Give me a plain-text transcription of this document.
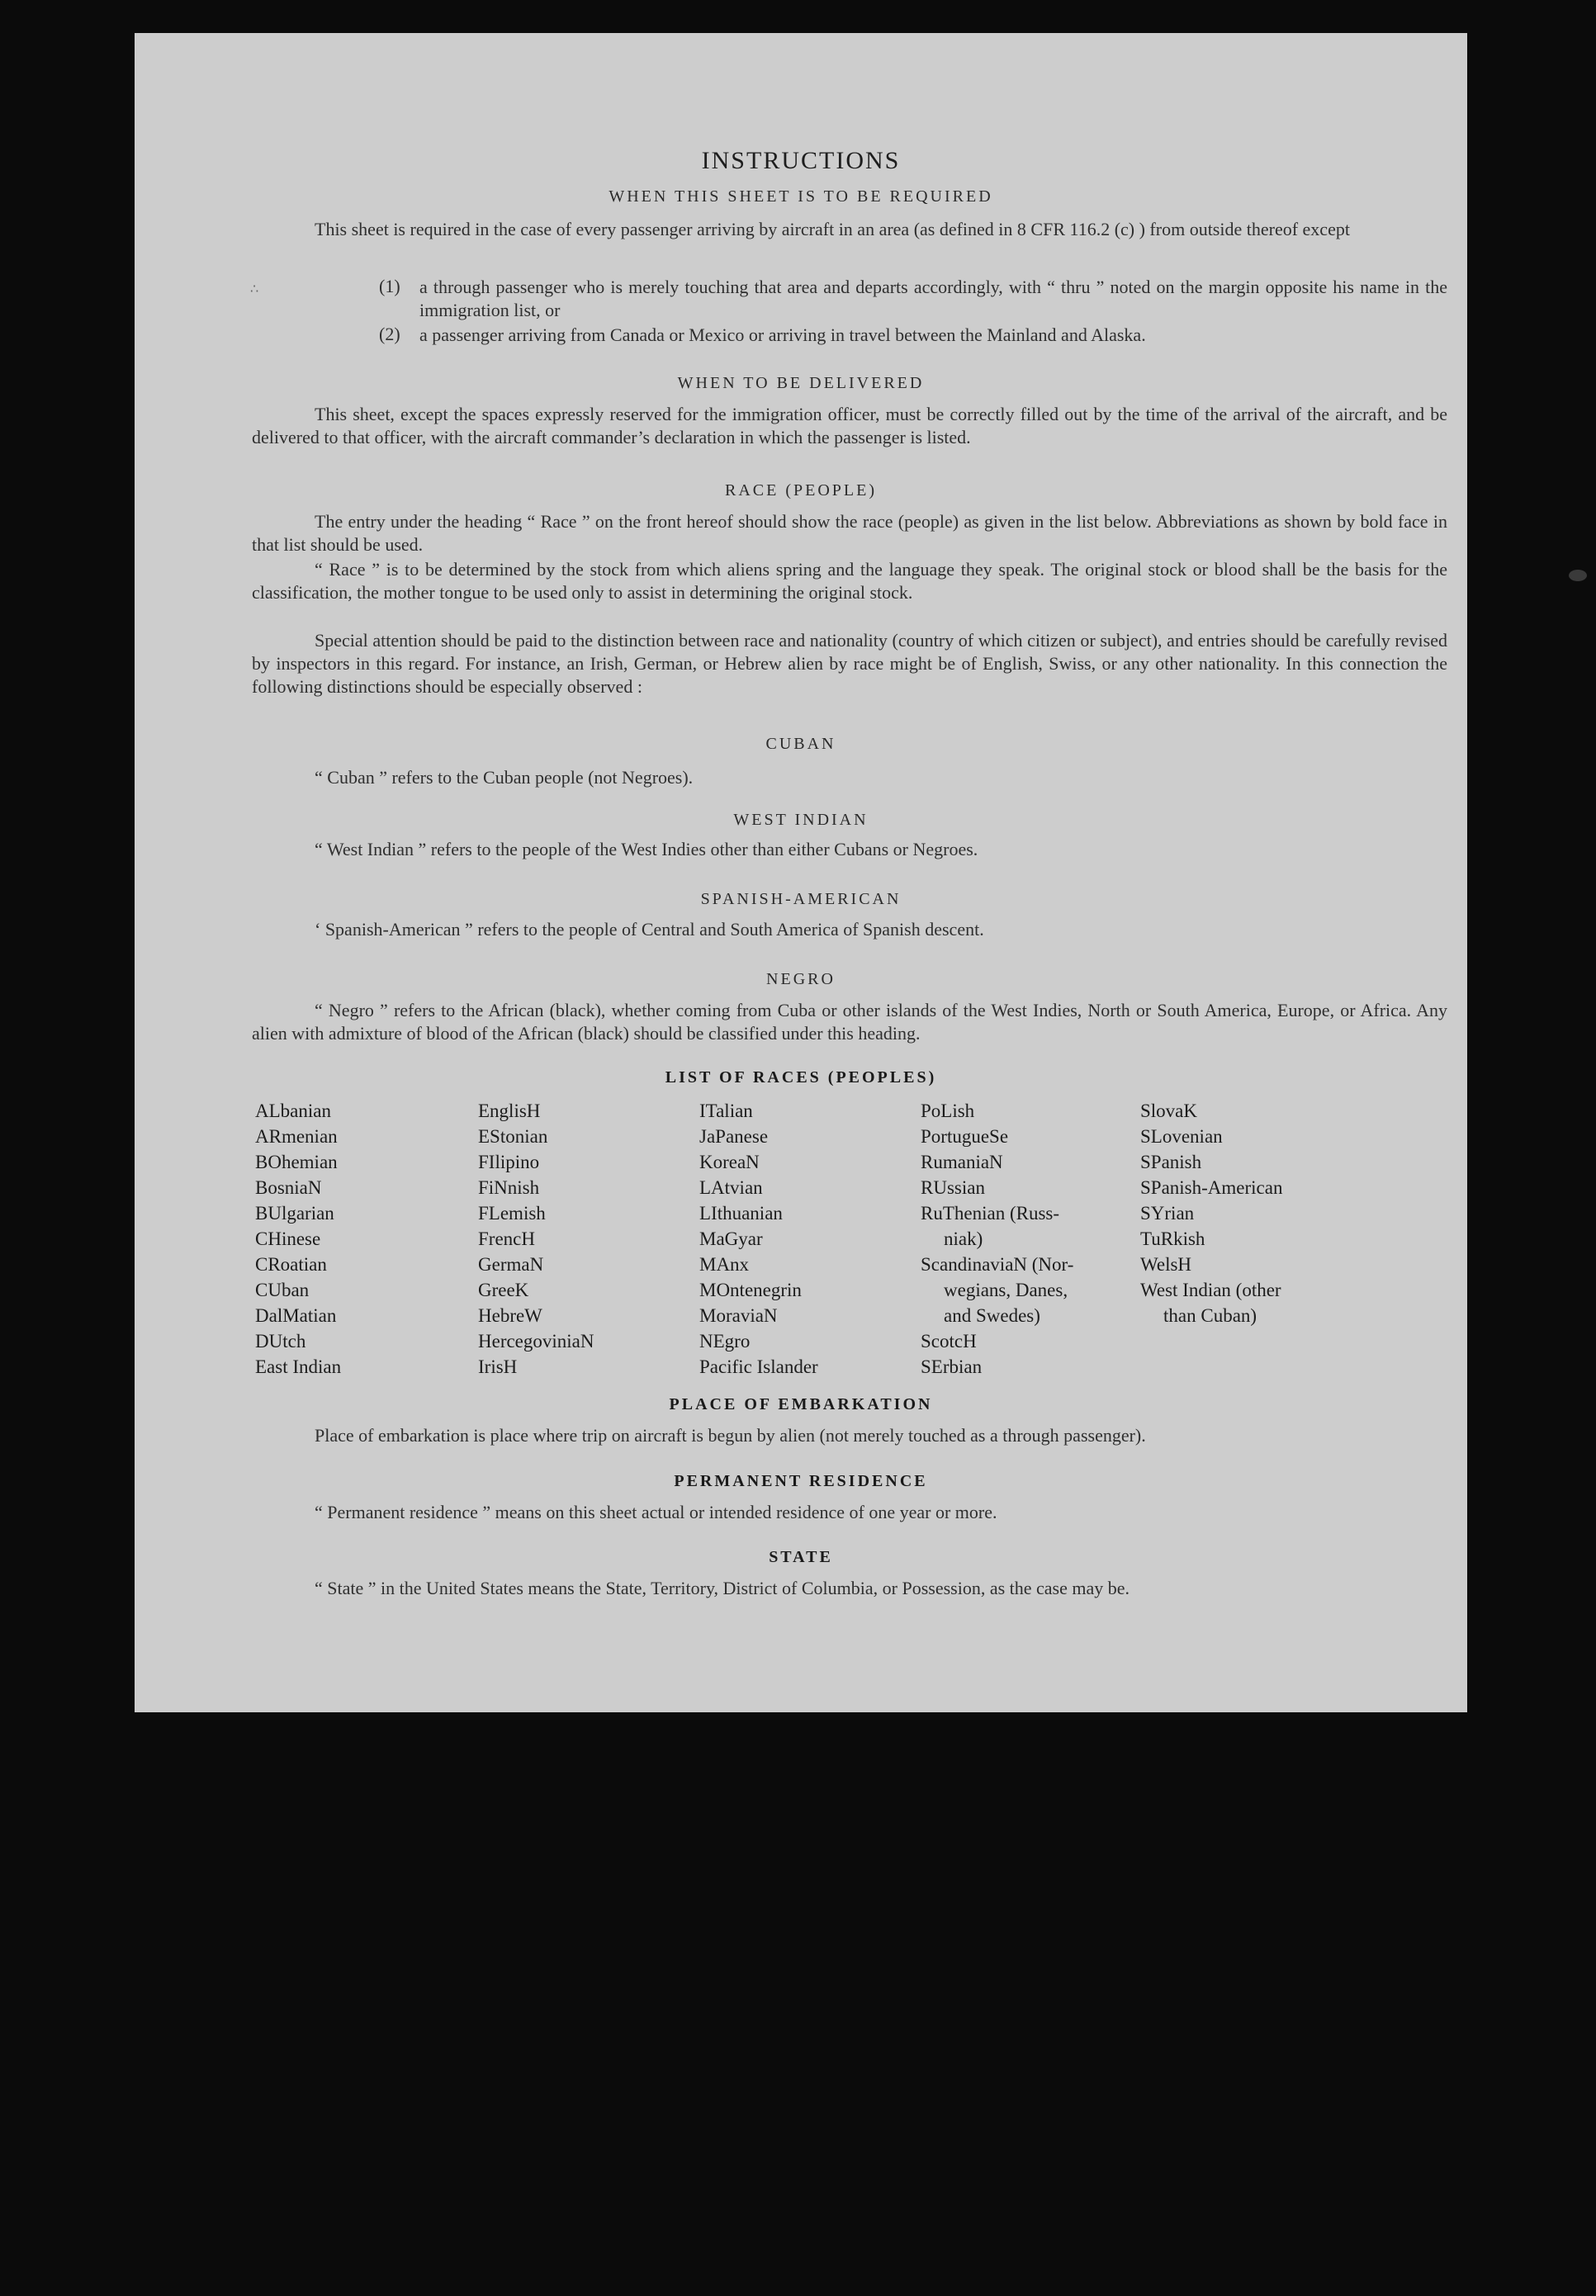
INSTRUCTIONS
WHEN THIS SHEET IS TO BE REQUIRED
This sheet is required in the case of every passenger arriving by aircraft in an area (as defined in 8 CFR 116.2 (c) ) from outside thereof except
(1) a through passenger who is merely touching that area and departs accordingly, with “ thru ” noted on the margin opposite his name in the immigration list, or
(2) a passenger arriving from Canada or Mexico or arriving in travel between the Mainland and Alaska.
WHEN TO BE DELIVERED
This sheet, except the spaces expressly reserved for the immigration officer, must be correctly filled out by the time of the arrival of the aircraft, and be delivered to that officer, with the aircraft commander’s declaration in which the passenger is listed.
RACE (PEOPLE)
The entry under the heading “ Race ” on the front hereof should show the race (people) as given in the list below. Abbreviations as shown by bold face in that list should be used.
“ Race ” is to be determined by the stock from which aliens spring and the language they speak. The original stock or blood shall be the basis for the classification, the mother tongue to be used only to assist in determining the original stock.
Special attention should be paid to the distinction between race and nationality (country of which citizen or subject), and entries should be carefully revised by inspectors in this regard. For instance, an Irish, German, or Hebrew alien by race might be of English, Swiss, or any other nationality. In this connection the following distinctions should be especially observed :
CUBAN
“ Cuban ” refers to the Cuban people (not Negroes).
WEST INDIAN
“ West Indian ” refers to the people of the West Indies other than either Cubans or Negroes.
SPANISH-AMERICAN
‘ Spanish-American ” refers to the people of Central and South America of Spanish descent.
NEGRO
“ Negro ” refers to the African (black), whether coming from Cuba or other islands of the West Indies, North or South America, Europe, or Africa. Any alien with admixture of blood of the African (black) should be classified under this heading.
LIST OF RACES (PEOPLES)
ALbanian
ARmenian
BOhemian
BosniaN
BUlgarian
CHinese
CRoatian
CUban
DalMatian
DUtch
East Indian
EnglisH
EStonian
FIlipino
FiNnish
FLemish
FrencH
GermaN
GreeK
HebreW
HercegoviniaN
IrisH
ITalian
JaPanese
KoreaN
LAtvian
LIthuanian
MaGyar
MAnx
MOntenegrin
MoraviaN
NEgro
Pacific Islander
PoLish
PortugueSe
RumaniaN
RUssian
RuThenian (Russ-
niak)
ScandinaviaN (Nor-
wegians, Danes,
and Swedes)
ScotcH
SErbian
SlovaK
SLovenian
SPanish
SPanish-American
SYrian
TuRkish
WelsH
West Indian (other
than Cuban)
PLACE OF EMBARKATION
Place of embarkation is place where trip on aircraft is begun by alien (not merely touched as a through passenger).
PERMANENT RESIDENCE
“ Permanent residence ” means on this sheet actual or intended residence of one year or more.
STATE
“ State ” in the United States means the State, Territory, District of Columbia, or Possession, as the case may be.
∴
